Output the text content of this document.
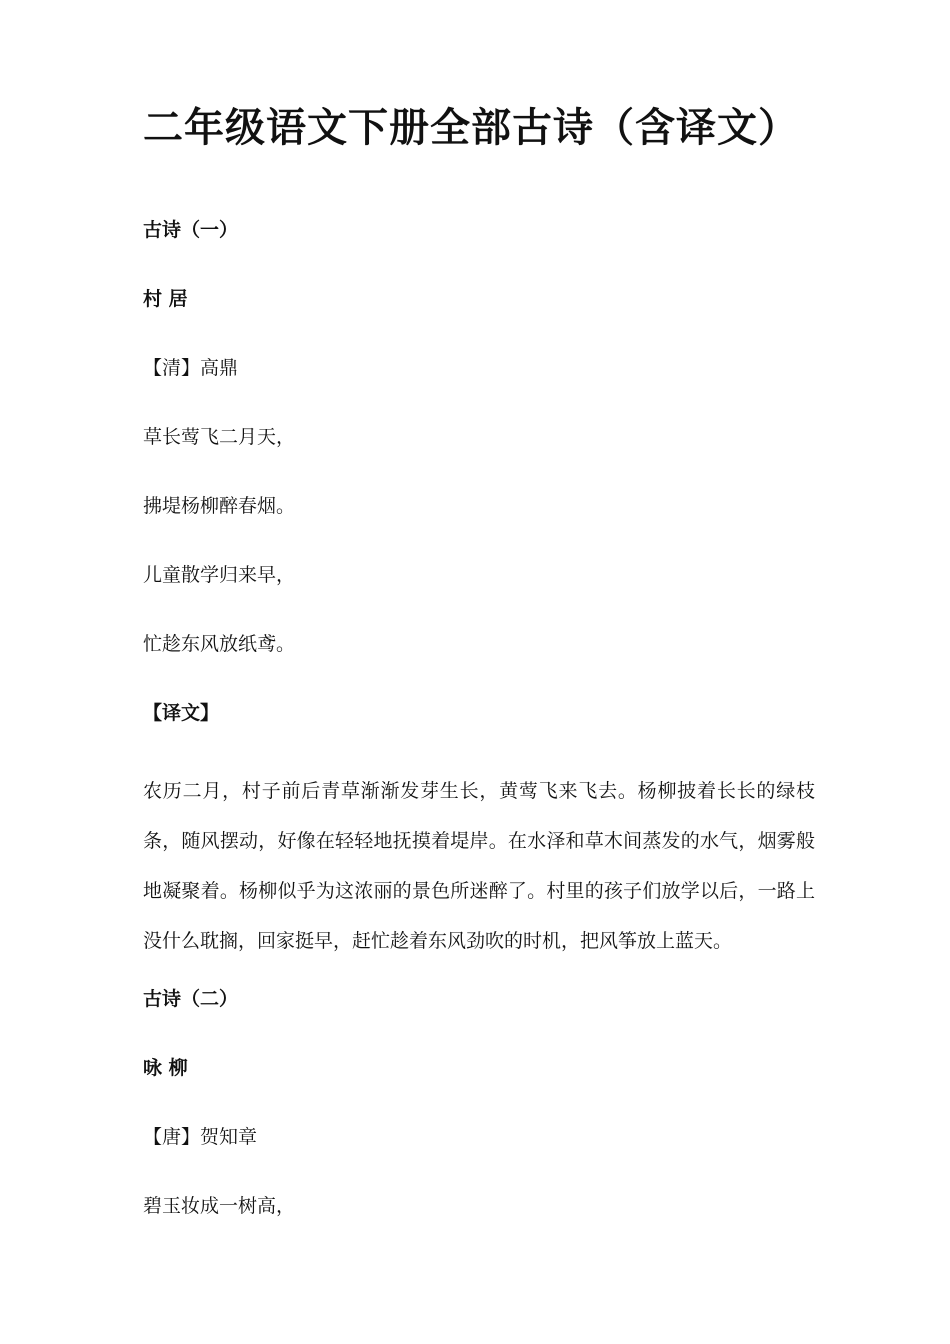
二年级语文下册全部古诗（含译文）

古诗（一）

村 居

【清】高鼎

草长莺飞二月天，

拂堤杨柳醉春烟。

儿童散学归来早，

忙趁东风放纸鸢。

【译文】

农历二月，村子前后青草渐渐发芽生长，黄莺飞来飞去。杨柳披着长长的绿枝条，随风摆动，好像在轻轻地抚摸着堤岸。在水泽和草木间蒸发的水气，烟雾般地凝聚着。杨柳似乎为这浓丽的景色所迷醉了。村里的孩子们放学以后，一路上没什么耽搁，回家挺早，赶忙趁着东风劲吹的时机，把风筝放上蓝天。

古诗（二）

咏 柳

【唐】贺知章

碧玉妆成一树高，
